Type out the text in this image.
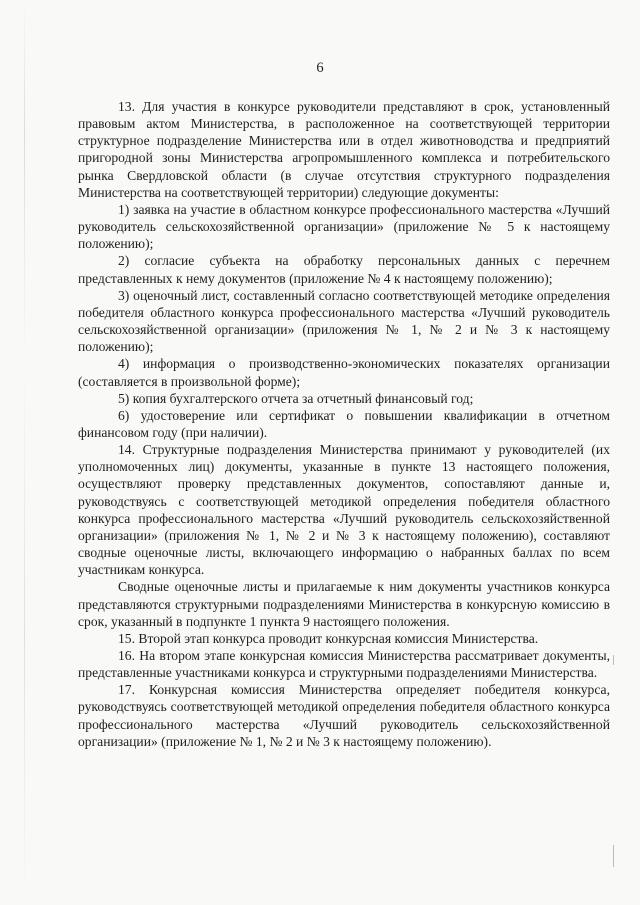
6

13. Для участия в конкурсе руководители представляют в срок, установленный правовым актом Министерства, в расположенное на соответствующей территории структурное подразделение Министерства или в отдел животноводства и предприятий пригородной зоны Министерства агропромышленного комплекса и потребительского рынка Свердловской области (в случае отсутствия структурного подразделения Министерства на соответствующей территории) следующие документы:

1) заявка на участие в областном конкурсе профессионального мастерства «Лучший руководитель сельскохозяйственной организации» (приложение № 5 к настоящему положению);

2) согласие субъекта на обработку персональных данных с перечнем представленных к нему документов (приложение № 4 к настоящему положению);

3) оценочный лист, составленный согласно соответствующей методике определения победителя областного конкурса профессионального мастерства «Лучший руководитель сельскохозяйственной организации» (приложения № 1, № 2 и № 3 к настоящему положению);

4) информация о производственно-экономических показателях организации (составляется в произвольной форме);

5) копия бухгалтерского отчета за отчетный финансовый год;

6) удостоверение или сертификат о повышении квалификации в отчетном финансовом году (при наличии).

14. Структурные подразделения Министерства принимают у руководителей (их уполномоченных лиц) документы, указанные в пункте 13 настоящего положения, осуществляют проверку представленных документов, сопоставляют данные и, руководствуясь с соответствующей методикой определения победителя областного конкурса профессионального мастерства «Лучший руководитель сельскохозяйственной организации» (приложения № 1, № 2 и № 3 к настоящему положению), составляют сводные оценочные листы, включающего информацию о набранных баллах по всем участникам конкурса.

Сводные оценочные листы и прилагаемые к ним документы участников конкурса представляются структурными подразделениями Министерства в конкурсную комиссию в срок, указанный в подпункте 1 пункта 9 настоящего положения.

15. Второй этап конкурса проводит конкурсная комиссия Министерства.

16. На втором этапе конкурсная комиссия Министерства рассматривает документы, представленные участниками конкурса и структурными подразделениями Министерства.

17. Конкурсная комиссия Министерства определяет победителя конкурса, руководствуясь соответствующей методикой определения победителя областного конкурса профессионального мастерства «Лучший руководитель сельскохозяйственной организации» (приложение № 1, № 2 и № 3 к настоящему положению).
